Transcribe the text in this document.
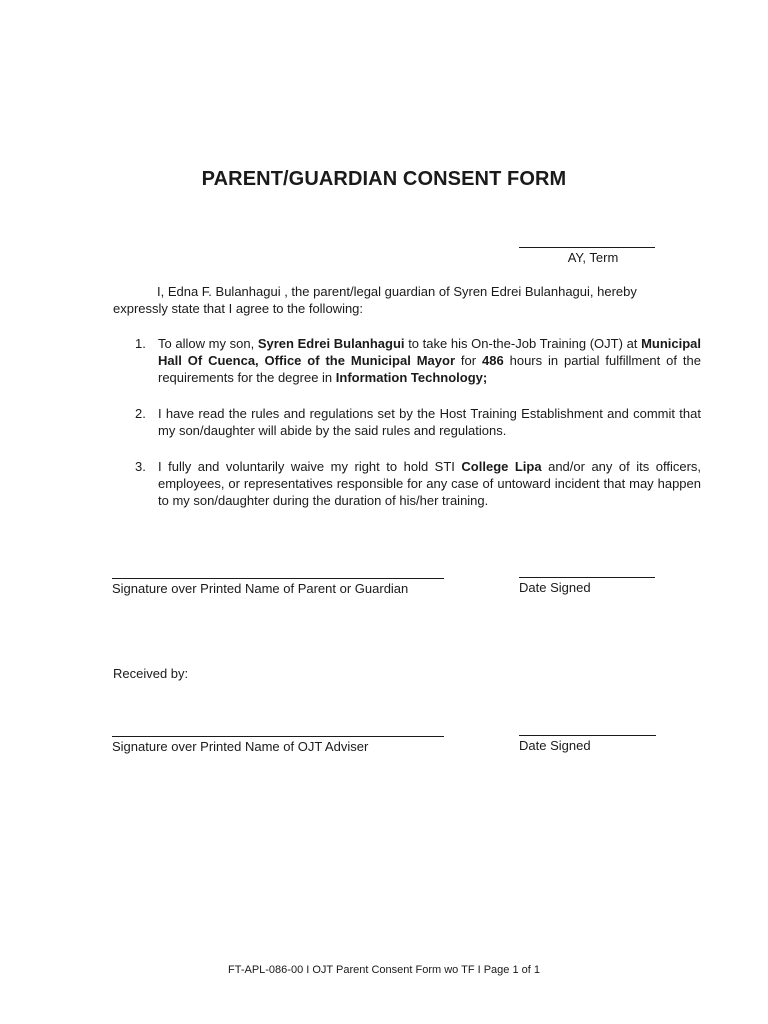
PARENT/GUARDIAN CONSENT FORM
AY, Term
I, Edna F. Bulanhagui , the parent/legal guardian of Syren Edrei Bulanhagui, hereby
expressly state that I agree to the following:
1. To allow my son, Syren Edrei Bulanhagui to take his On-the-Job Training (OJT) at Municipal Hall Of Cuenca, Office of the Municipal Mayor for 486 hours in partial fulfillment of the requirements for the degree in Information Technology;
2. I have read the rules and regulations set by the Host Training Establishment and commit that my son/daughter will abide by the said rules and regulations.
3. I fully and voluntarily waive my right to hold STI College Lipa and/or any of its officers, employees, or representatives responsible for any case of untoward incident that may happen to my son/daughter during the duration of his/her training.
Signature over Printed Name of Parent or Guardian	Date Signed
Received by:
Signature over Printed Name of OJT Adviser	Date Signed
FT-APL-086-00 I OJT Parent Consent Form wo TF I Page 1 of 1
